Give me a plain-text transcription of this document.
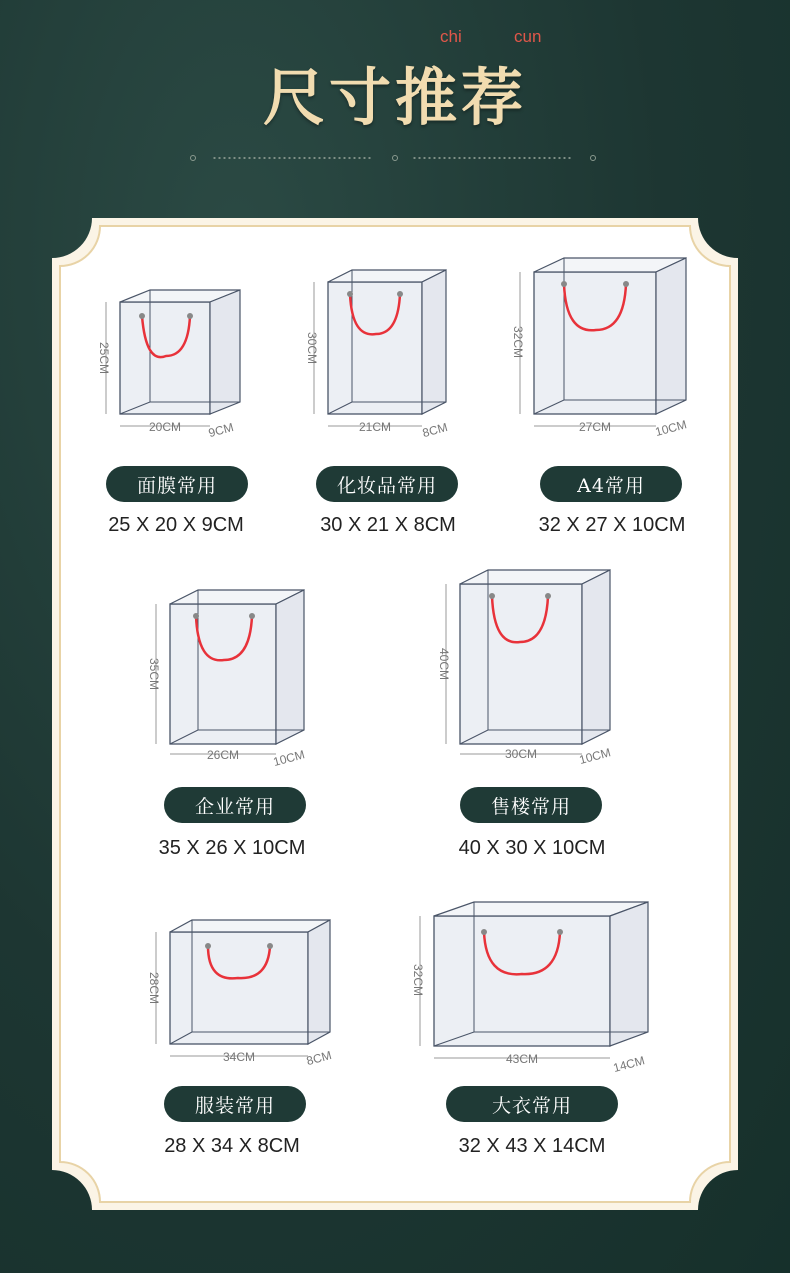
chi	cun
尺寸推荐
25CM
20CM 9CM
面膜常用
25 X 20 X 9CM
30CM
21CM 8CM
化妆品常用
30 X 21 X 8CM
32CM
27CM	10CM
A4常用
32 X 27 X 10CM
35CM
26CM	10CM
企业常用
35 X 26 X 10CM
40CM
30CM	10CM
售楼常用
40 X 30 X 10CM
28CM
34CM	8CM
服装常用
28 X 34 X 8CM
32CM
43CM	14CM
大衣常用
32 X 43 X 14CM
